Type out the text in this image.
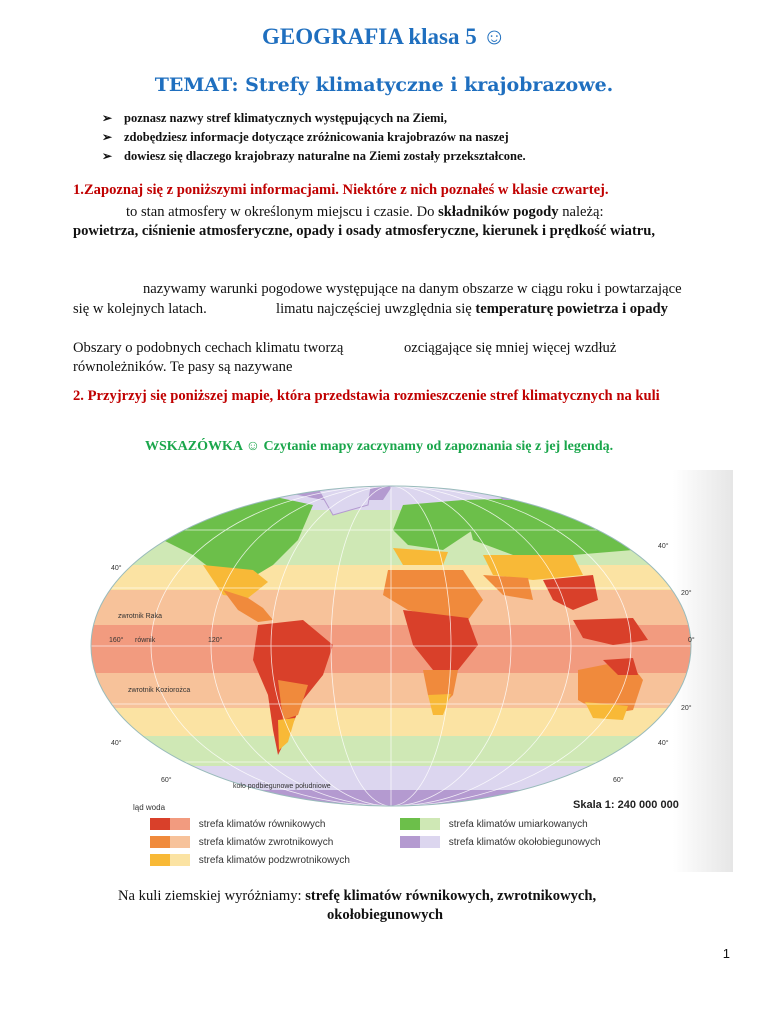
GEOGRAFIA klasa 5 ☺
TEMAT: Strefy klimatyczne i krajobrazowe.
➢ poznasz nazwy stref klimatycznych występujących na Ziemi,
➢ zdobędziesz informacje dotyczące zróżnicowania krajobrazów na naszej
➢ dowiesz się dlaczego krajobrazy naturalne na Ziemi zostały przekształcone.
1.Zapoznaj się z poniższymi informacjami. Niektóre z nich poznałeś w klasie czwartej.
to stan atmosfery w określonym miejscu i czasie. Do składników pogody należą:
powietrza, ciśnienie atmosferyczne, opady i osady atmosferyczne, kierunek i prędkość wiatru,
nazywamy warunki pogodowe występujące na danym obszarze w ciągu roku i powtarzające
się w kolejnych latach.	limatu najczęściej uwzględnia się temperaturę powietrza i opady
Obszary o podobnych cechach klimatu tworzą	ozciągające się mniej więcej wzdłuż
równoleżników. Te pasy są nazywane
2. Przyjrzyj się poniższej mapie, która przedstawia rozmieszczenie stref klimatycznych na kuli
WSKAZÓWKA ☺ Czytanie mapy zaczynamy od zapoznania się z jej legendą.
40°
40°
20°
0°
20°
40°	40°
60°	60°
160°	120°
równik
zwrotnik Raka
zwrotnik Koziorożca
koło podbiegunowe południowe
ląd woda	Skala 1: 240 000 000
strefa klimatów równikowych
strefa klimatów zwrotnikowych
strefa klimatów podzwrotnikowych
strefa klimatów umiarkowanych
strefa klimatów okołobiegunowych
Na kuli ziemskiej wyróżniamy: strefę klimatów równikowych, zwrotnikowych,
okołobiegunowych
1
